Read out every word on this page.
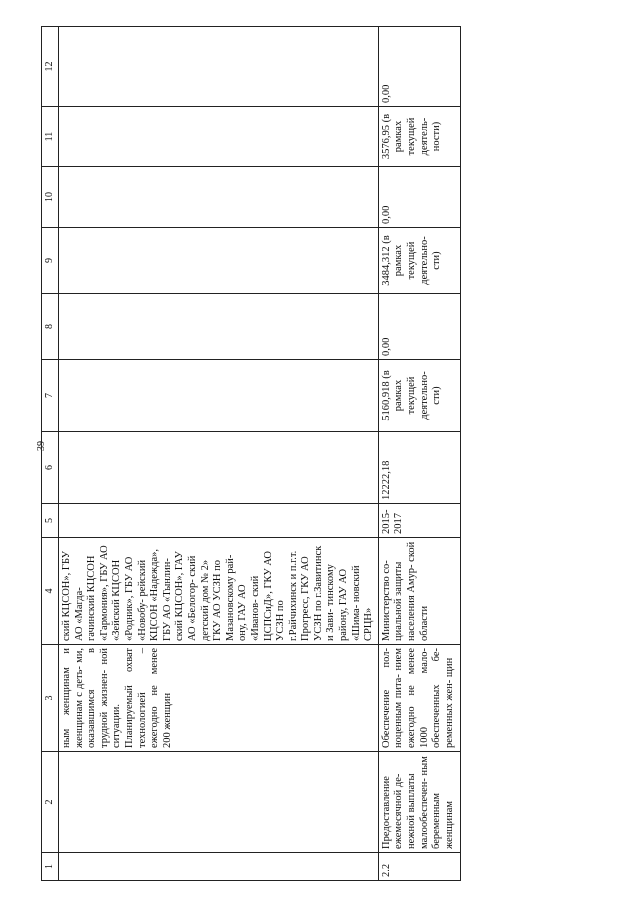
39
1	2	3	4	5	6	7	8	9	10	11	12
		ным женщинам и женщинам с деть- ми, оказавшимся в трудной жизнен- ной ситуации. Планируемый охват технологией – ежегодно не менее 200 женщин	ский КЦСОН», ГБУ АО «Магда- гачинский КЦСОН «Гармония», ГБУ АО «Зейский КЦСОН «Родник», ГБУ АО «Новобу- рейский КЦСОН «Надежда», ГБУ АО «Тынлин- ский КЦСОН», ГАУ АО «Белогор- ский детский дом № 2» ГКУ АО УСЗН по Мазановскому рай- ону, ГАУ АО «Иванов- ский ЦСПСиД», ГКУ АО УСЗН по г.Райчихинск и п.г.т. Прогресс, ГКУ АО УСЗН по г.Завитинск и Зави- тинскому району, ГАУ АО «Шима- новский СРЦН»								
2.2	Предоставление ежемесячной де- нежной выплаты малообеспечен- ным беременным женщинам	Обеспечение пол- ноценным пита- нием ежегодно не менее 1000 мало- обеспеченных бе- ременных жен- щин	Министерство со- циальной защиты населения Амур- ской области	2015- 2017	12222,18	5160,918 (в рамках текущей деятельно- сти)	0,00	3484,312 (в рамках текущей деятельно- сти)	0,00	3576,95 (в рамках текущей деятель- ности)	0,00
